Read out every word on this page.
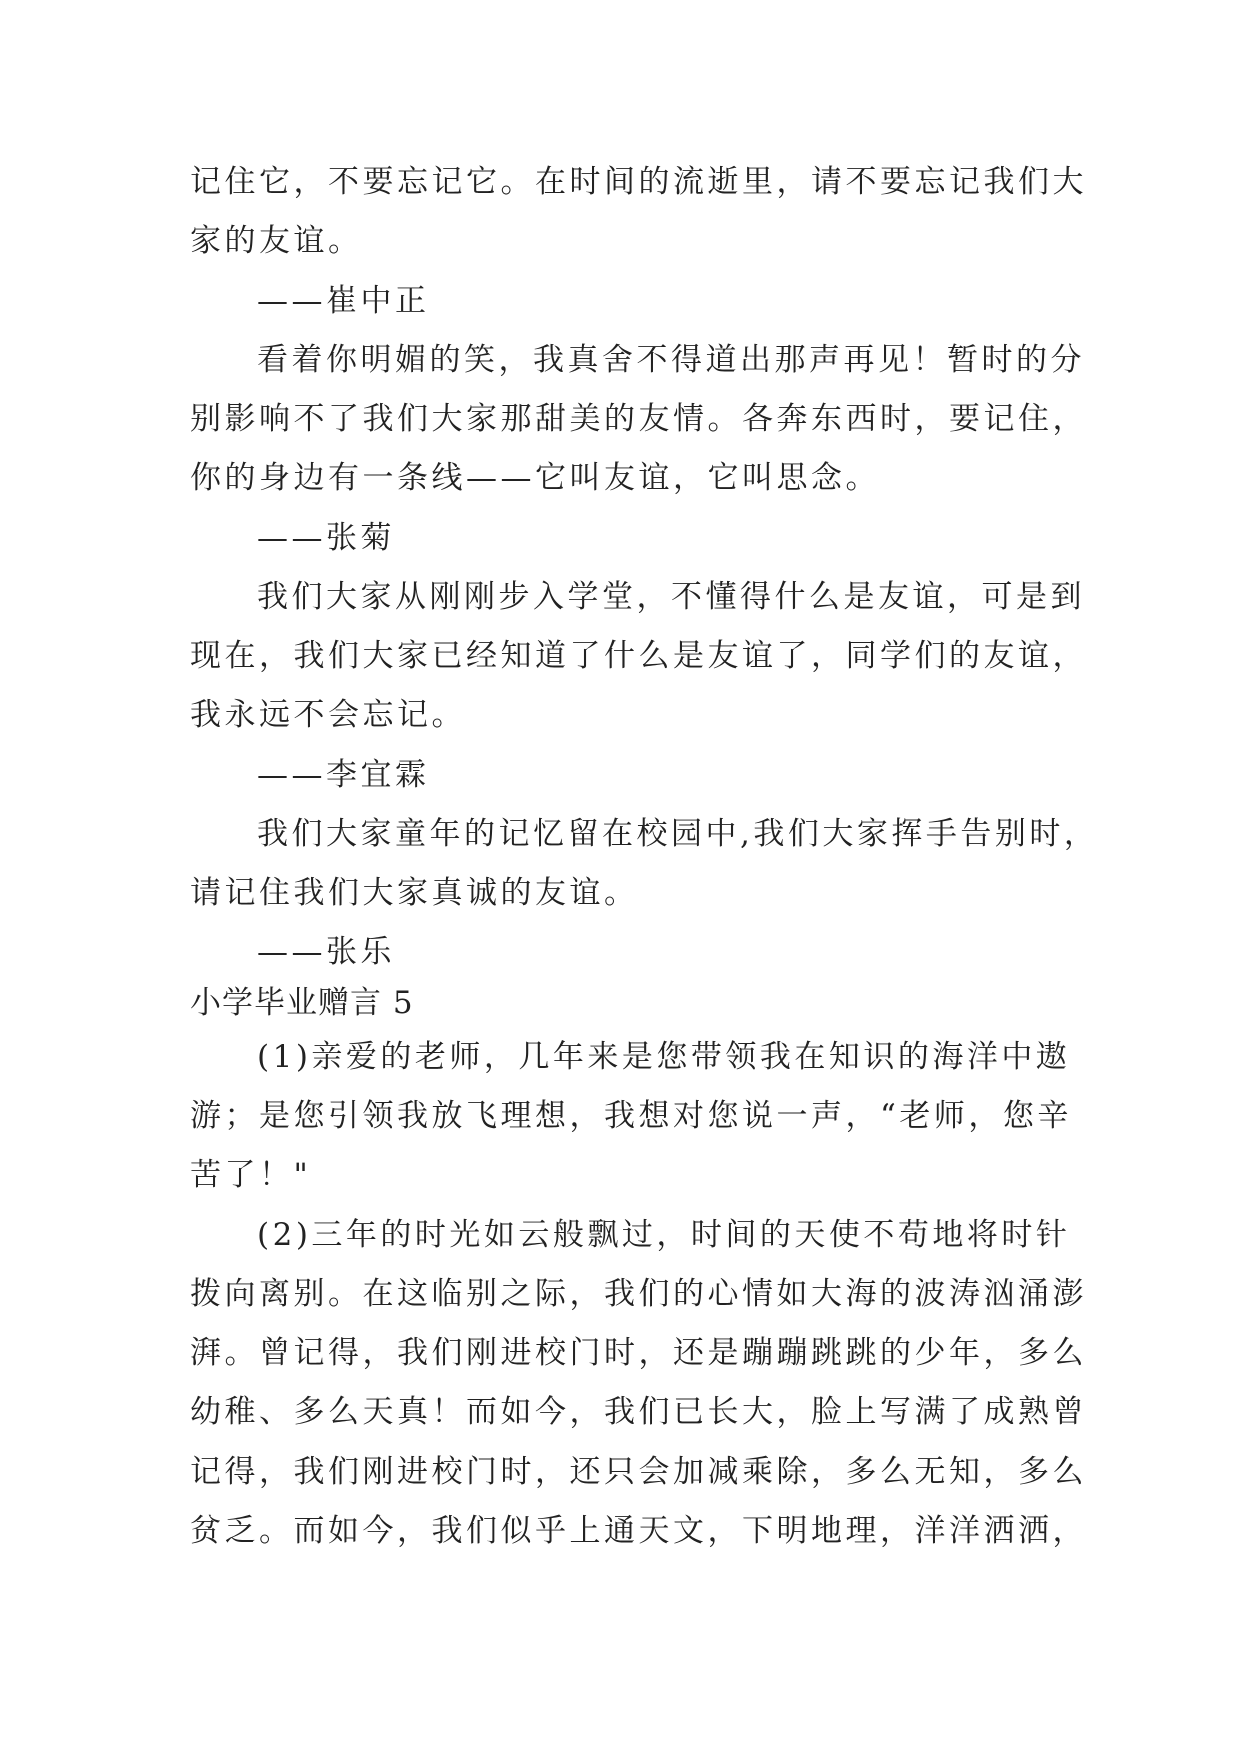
记住它，不要忘记它。在时间的流逝里，请不要忘记我们大

家的友谊。

——崔中正

看着你明媚的笑，我真舍不得道出那声再见！暂时的分

别影响不了我们大家那甜美的友情。各奔东西时，要记住，

你的身边有一条线——它叫友谊，它叫思念。

——张菊

我们大家从刚刚步入学堂，不懂得什么是友谊，可是到

现在，我们大家已经知道了什么是友谊了，同学们的友谊，

我永远不会忘记。

——李宜霖

我们大家童年的记忆留在校园中,我们大家挥手告别时，

请记住我们大家真诚的友谊。

——张乐

小学毕业赠言 5

(1)亲爱的老师，几年来是您带领我在知识的海洋中遨

游；是您引领我放飞理想，我想对您说一声，“老师，您辛

苦了！"

(2)三年的时光如云般飘过，时间的天使不苟地将时针

拨向离别。在这临别之际，我们的心情如大海的波涛汹涌澎

湃。曾记得，我们刚进校门时，还是蹦蹦跳跳的少年，多么

幼稚、多么天真！而如今，我们已长大，脸上写满了成熟曾

记得，我们刚进校门时，还只会加减乘除，多么无知，多么

贫乏。而如今，我们似乎上通天文，下明地理，洋洋洒洒，
